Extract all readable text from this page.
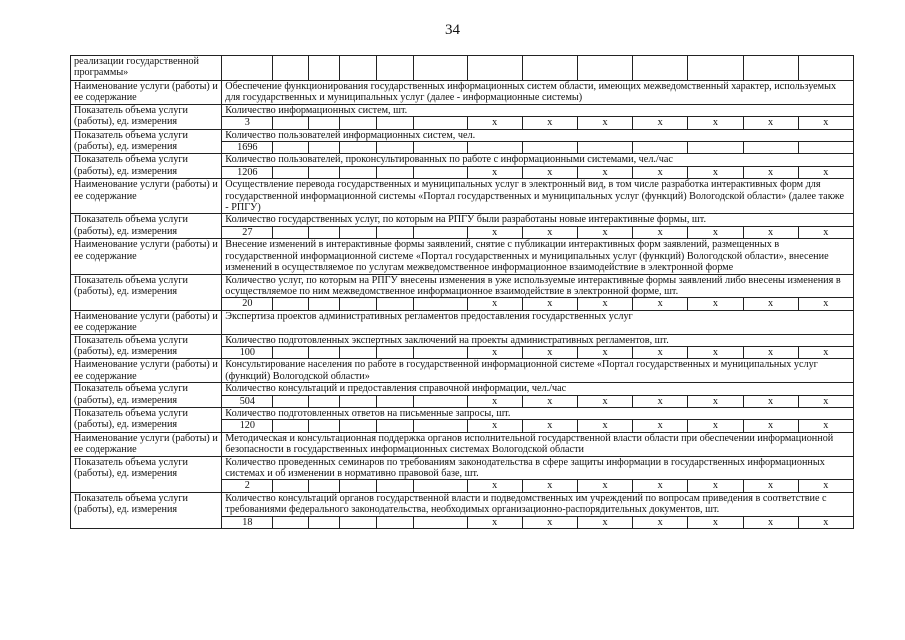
34
реализации государственной программы»													
Наименование услуги (работы) и ее содержание	Обеспечение функционирования государственных информационных систем области, имеющих межведомственный характер, используемых для государственных и муниципальных услуг (далее - информационные системы)												
Показатель объема услуги (работы), ед. измерения	Количество информационных систем, шт.												
	3						x	x	x	x	x	x	x
Показатель объема услуги (работы), ед. измерения	Количество пользователей информационных систем, чел.												
	1696												
Показатель объема услуги (работы), ед. измерения	Количество пользователей, проконсультированных по работе с информационными системами, чел./час												
	1206						x	x	x	x	x	x	x
Наименование услуги (работы) и ее содержание	Осуществление перевода государственных и муниципальных услуг в электронный вид, в том числе разработка интерактивных форм для государственной информационной системы «Портал государственных и муниципальных услуг (функций) Вологодской области» (далее также - РПГУ)												
Показатель объема услуги (работы), ед. измерения	Количество государственных услуг, по которым на РПГУ были разработаны новые интерактивные формы, шт.												
	27						x	x	x	x	x	x	x
Наименование услуги (работы) и ее содержание	Внесение изменений в интерактивные формы заявлений, снятие с публикации интерактивных форм заявлений, размещенных в государственной информационной системе «Портал государственных и муниципальных услуг (функций) Вологодской области», внесение изменений в осуществляемое по услугам межведомственное информационное взаимодействие в электронной форме												
Показатель объема услуги (работы), ед. измерения	Количество услуг, по которым на РПГУ внесены изменения в уже используемые интерактивные формы заявлений либо внесены изменения в осуществляемое по ним межведомственное информационное взаимодействие в электронной форме, шт.												
	20						x	x	x	x	x	x	x
Наименование услуги (работы) и ее содержание	Экспертиза проектов административных регламентов предоставления государственных услуг												
Показатель объема услуги (работы), ед. измерения	Количество подготовленных экспертных заключений на проекты административных регламентов, шт.												
	100						x	x	x	x	x	x	x
Наименование услуги (работы) и ее содержание	Консультирование населения по работе в государственной информационной системе «Портал государственных и муниципальных услуг (функций) Вологодской области»												
Показатель объема услуги (работы), ед. измерения	Количество консультаций и предоставления справочной информации, чел./час												
	504						x	x	x	x	x	x	x
Показатель объема услуги (работы), ед. измерения	Количество подготовленных ответов на письменные запросы, шт.												
	120						x	x	x	x	x	x	x
Наименование услуги (работы) и ее содержание	Методическая и консультационная поддержка органов исполнительной государственной власти области при обеспечении информационной безопасности в государственных информационных системах Вологодской области												
Показатель объема услуги (работы), ед. измерения	Количество проведенных семинаров по требованиям законодательства в сфере защиты информации в государственных информационных системах и об изменении в нормативно правовой базе, шт.												
	2						x	x	x	x	x	x	x
Показатель объема услуги (работы), ед. измерения	Количество консультаций органов государственной власти и подведомственных им учреждений по вопросам приведения в соответствие с требованиями федерального законодательства, необходимых организационно-распорядительных документов, шт.												
	18						x	x	x	x	x	x	x
